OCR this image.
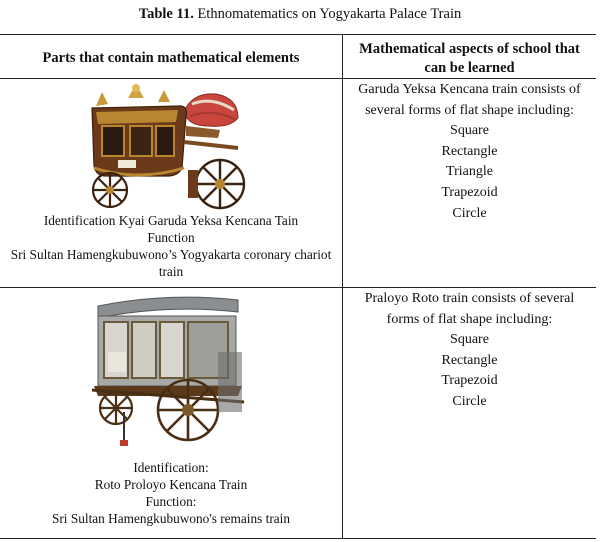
Table 11. Ethnomatematics on Yogyakarta Palace Train
Parts that contain mathematical elements
Mathematical aspects of school that
can be learned
Identification Kyai Garuda Yeksa Kencana Tain
Function
Sri Sultan Hamengkubuwono’s Yogyakarta coronary chariot
train
Garuda Yeksa Kencana train consists of
several forms of flat shape including:
Square
Rectangle
Triangle
Trapezoid
Circle
Identification:
Roto Proloyo Kencana Train
Function:
Sri Sultan Hamengkubuwono's remains train
Praloyo Roto train consists of several
forms of flat shape including:
Square
Rectangle
Trapezoid
Circle
